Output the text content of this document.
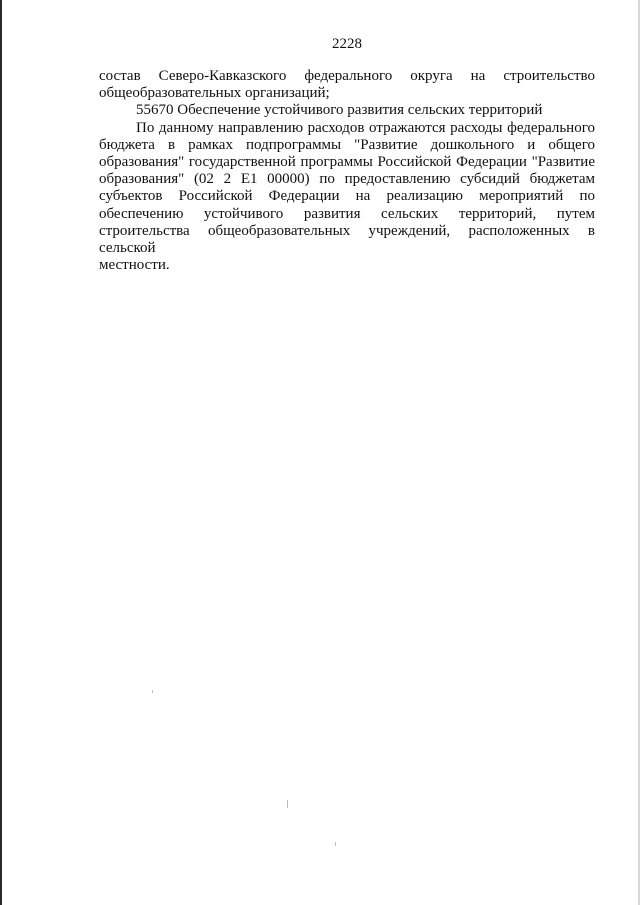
2228

состав Северо-Кавказского федерального округа на строительство
общеобразовательных организаций;

55670 Обеспечение устойчивого развития сельских территорий

По данному направлению расходов отражаются расходы федерального
бюджета в рамках подпрограммы "Развитие дошкольного и общего
образования" государственной программы Российской Федерации "Развитие
образования" (02 2 Е1 00000) по предоставлению субсидий бюджетам
субъектов Российской Федерации на реализацию мероприятий по
обеспечению устойчивого развития сельских территорий, путем
строительства общеобразовательных учреждений, расположенных в сельской
местности.
